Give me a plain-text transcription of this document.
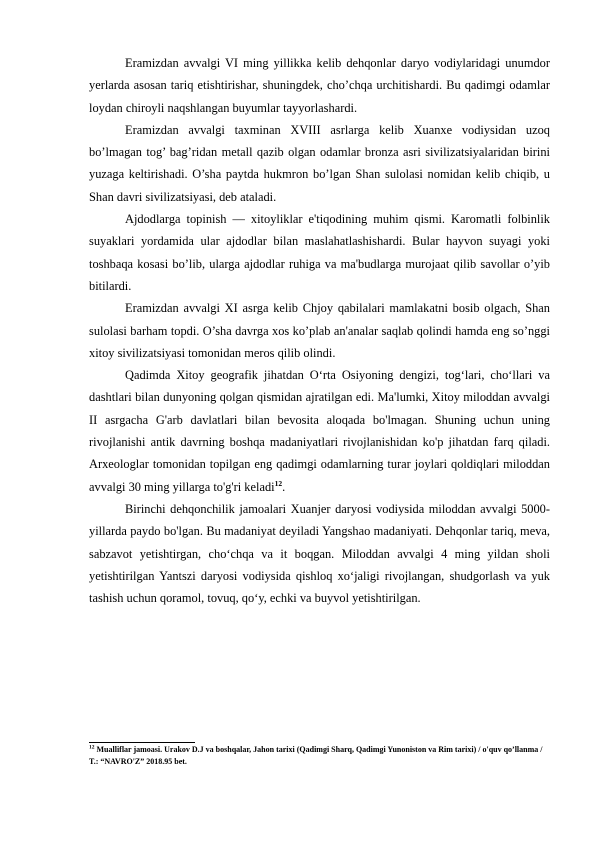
Eramizdan avvalgi VI ming yillikka kelib dehqonlar daryo vodiylaridagi unumdor yerlarda asosan tariq etishtirishar, shuningdek, cho’chqa urchitishardi. Bu qadimgi odamlar loydan chiroyli naqshlangan buyumlar tayyorlashardi.

Eramizdan avvalgi taxminan XVIII asrlarga kelib Xuanxe vodiysidan uzoq bo’lmagan tog’ bag’ridan metall qazib olgan odamlar bronza asri sivilizatsiyalaridan birini yuzaga keltirishadi. O’sha paytda hukmron bo’lgan Shan sulolasi nomidan kelib chiqib, u Shan davri sivilizatsiyasi, deb ataladi.

Ajdodlarga topinish — xitoyliklar e'tiqodining muhim qismi. Karomatli folbinlik suyaklari yordamida ular ajdodlar bilan maslahatlashishardi. Bular hayvon suyagi yoki toshbaqa kosasi bo’lib, ularga ajdodlar ruhiga va ma'budlarga murojaat qilib savollar o’yib bitilardi.

Eramizdan avvalgi XI asrga kelib Chjoy qabilalari mamlakatni bosib olgach, Shan sulolasi barham topdi. O’sha davrga xos ko’plab an'analar saqlab qolindi hamda eng so’nggi xitoy sivilizatsiyasi tomonidan meros qilib olindi.

Qadimda Xitoy geografik jihatdan Oʻrta Osiyoning dengizi, togʻlari, choʻllari va dashtlari bilan dunyoning qolgan qismidan ajratilgan edi. Ma'lumki, Xitoy miloddan avvalgi II asrgacha G'arb davlatlari bilan bevosita aloqada bo'lmagan. Shuning uchun uning rivojlanishi antik davrning boshqa madaniyatlari rivojlanishidan ko'p jihatdan farq qiladi. Arxeologlar tomonidan topilgan eng qadimgi odamlarning turar joylari qoldiqlari miloddan avvalgi 30 ming yillarga to'g'ri keladi$^{12}$.

Birinchi dehqonchilik jamoalari Xuanjer daryosi vodiysida miloddan avvalgi 5000-yillarda paydo bo'lgan. Bu madaniyat deyiladi Yangshao madaniyati. Dehqonlar tariq, meva, sabzavot yetishtirgan, choʻchqa va it boqgan. Miloddan avvalgi 4 ming yildan sholi yetishtirilgan Yantszi daryosi vodiysida qishloq xoʻjaligi rivojlangan, shudgorlash va yuk tashish uchun qoramol, tovuq, qoʻy, echki va buyvol yetishtirilgan.

$^{12}$ Mualliflar jamoasi. Urakov D.J va boshqalar, Jahon tarixi (Qadimgi Sharq, Qadimgi Yunoniston va Rim tarixi) / o'quv qo’llanma / T.: “NAVRO'Z” 2018.95 bet.
